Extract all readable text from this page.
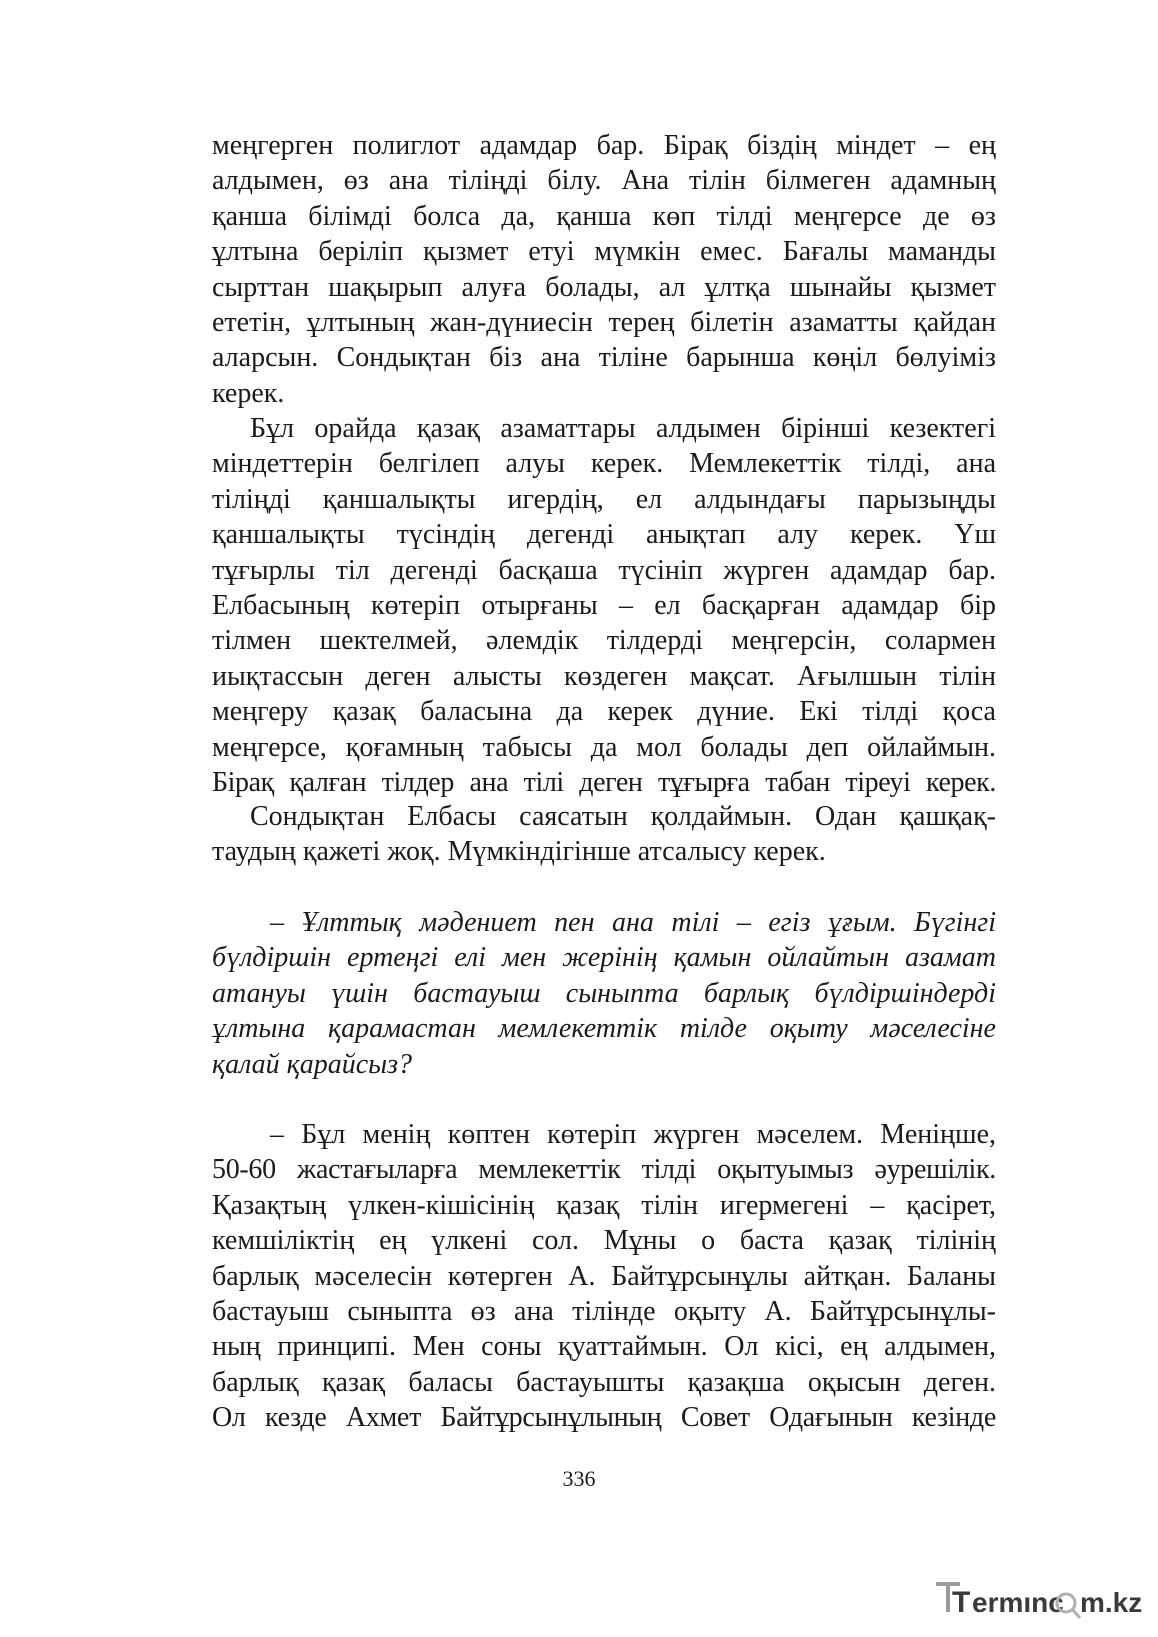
меңгерген полиглот адамдар бар. Бірақ біздің міндет – ең
алдымен, өз ана тіліңді білу. Ана тілін білмеген адамның
қанша білімді болса да, қанша көп тілді меңгерсе де өз
ұлтына беріліп қызмет етуі мүмкін емес. Бағалы маманды
сырттан шақырып алуға болады, ал ұлтқа шынайы қызмет
ететін, ұлтының жан-дүниесін терең білетін азаматты қайдан
аларсын. Сондықтан біз ана тіліне барынша көңіл бөлуіміз
керек.
Бұл орайда қазақ азаматтары алдымен бірінші кезектегі
міндеттерін белгілеп алуы керек. Мемлекеттік тілді, ана
тіліңді қаншалықты игердің, ел алдындағы парызыңды
қаншалықты түсіндің дегенді анықтап алу керек. Үш
тұғырлы тіл дегенді басқаша түсініп жүрген адамдар бар.
Елбасының көтеріп отырғаны – ел басқарған адамдар бір
тілмен шектелмей, әлемдік тілдерді меңгерсін, солармен
иықтассын деген алысты көздеген мақсат. Ағылшын тілін
меңгеру қазақ баласына да керек дүние. Екі тілді қоса
меңгерсе, қоғамның табысы да мол болады деп ойлаймын.
Бірақ қалған тілдер ана тілі деген тұғырға табан тіреуі керек.
Сондықтан Елбасы саясатын қолдаймын. Одан қашқақ-
таудың қажеті жоқ. Мүмкіндігінше атсалысу керек.
– Ұлттық мәдениет пен ана тілі – егіз ұғым. Бүгінгі
бүлдіршін ертеңгі елі мен жерінің қамын ойлайтын азамат
атануы үшін бастауыш сыныпта барлық бүлдіршіндерді
ұлтына қарамастан мемлекеттік тілде оқыту мәселесіне
қалай қарайсыз?
– Бұл менің көптен көтеріп жүрген мәселем. Меніңше,
50-60 жастағыларға мемлекеттік тілді оқытуымыз әурешілік.
Қазақтың үлкен-кішісінің қазақ тілін игермегені – қасірет,
кемшіліктің ең үлкені сол. Мұны о баста қазақ тілінің
барлық мәселесін көтерген А. Байтұрсынұлы айтқан. Баланы
бастауыш сыныпта өз ана тілінде оқыту А. Байтұрсынұлы-
ның принципі. Мен соны қуаттаймын. Ол кісі, ең алдымен,
барлық қазақ баласы бастауышты қазақша оқысын деген.
Ол кезде Ахмет Байтұрсынұлының Совет Одағынын кезінде
336
T ermınc m.kz
